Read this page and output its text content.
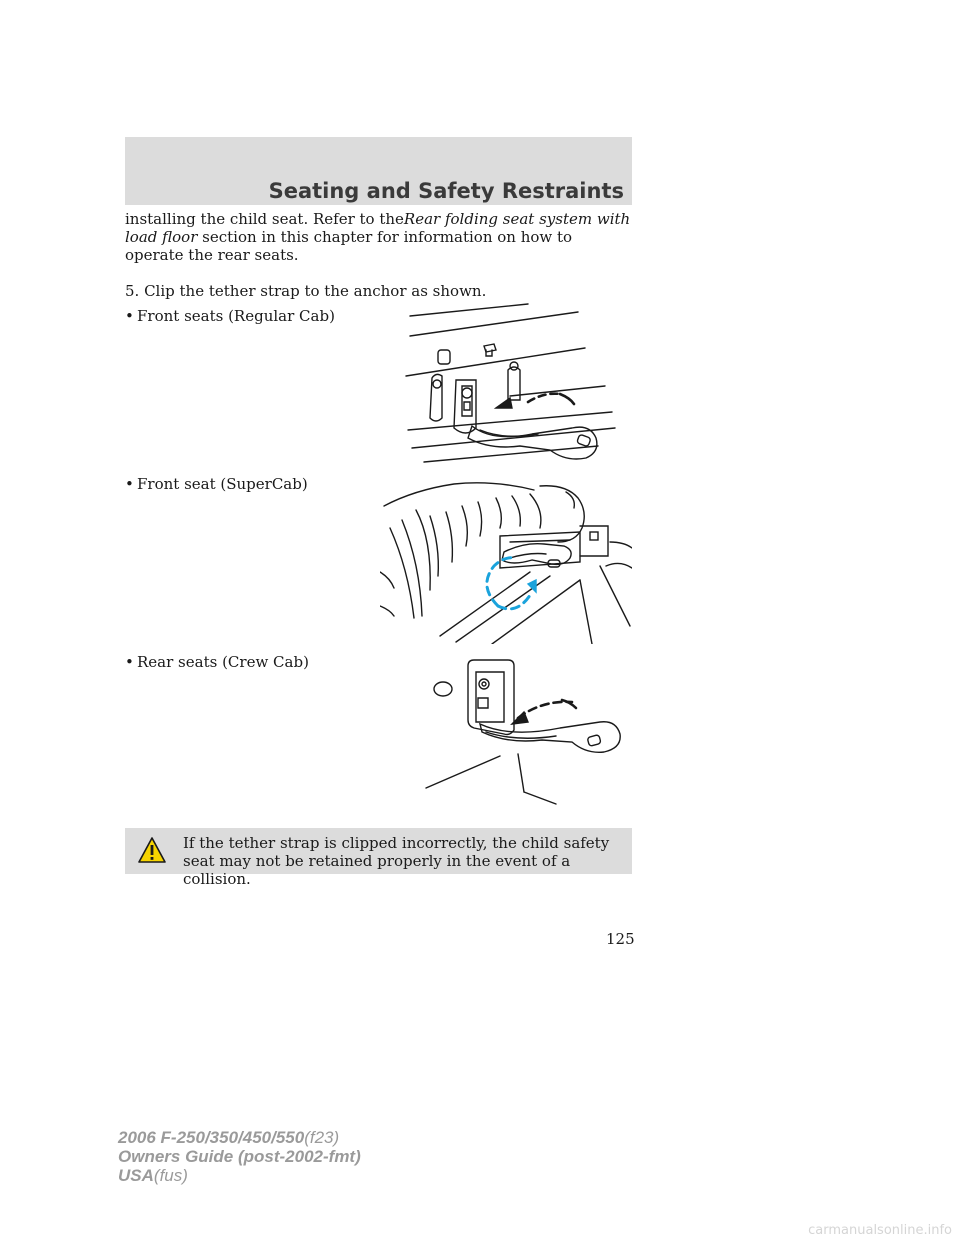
Seating and Safety Restraints
installing the child seat. Refer to theRear folding seat system with load floor section in this chapter for information on how to operate the rear seats.
5. Clip the tether strap to the anchor as shown.
• Front seats (Regular Cab)
• Front seat (SuperCab)
• Rear seats (Crew Cab)
If the tether strap is clipped incorrectly, the child safety seat may not be retained properly in the event of a collision.
125
2006 F-250/350/450/550(f23)
Owners Guide (post-2002-fmt)
USA(fus)
carmanualsonline.info
